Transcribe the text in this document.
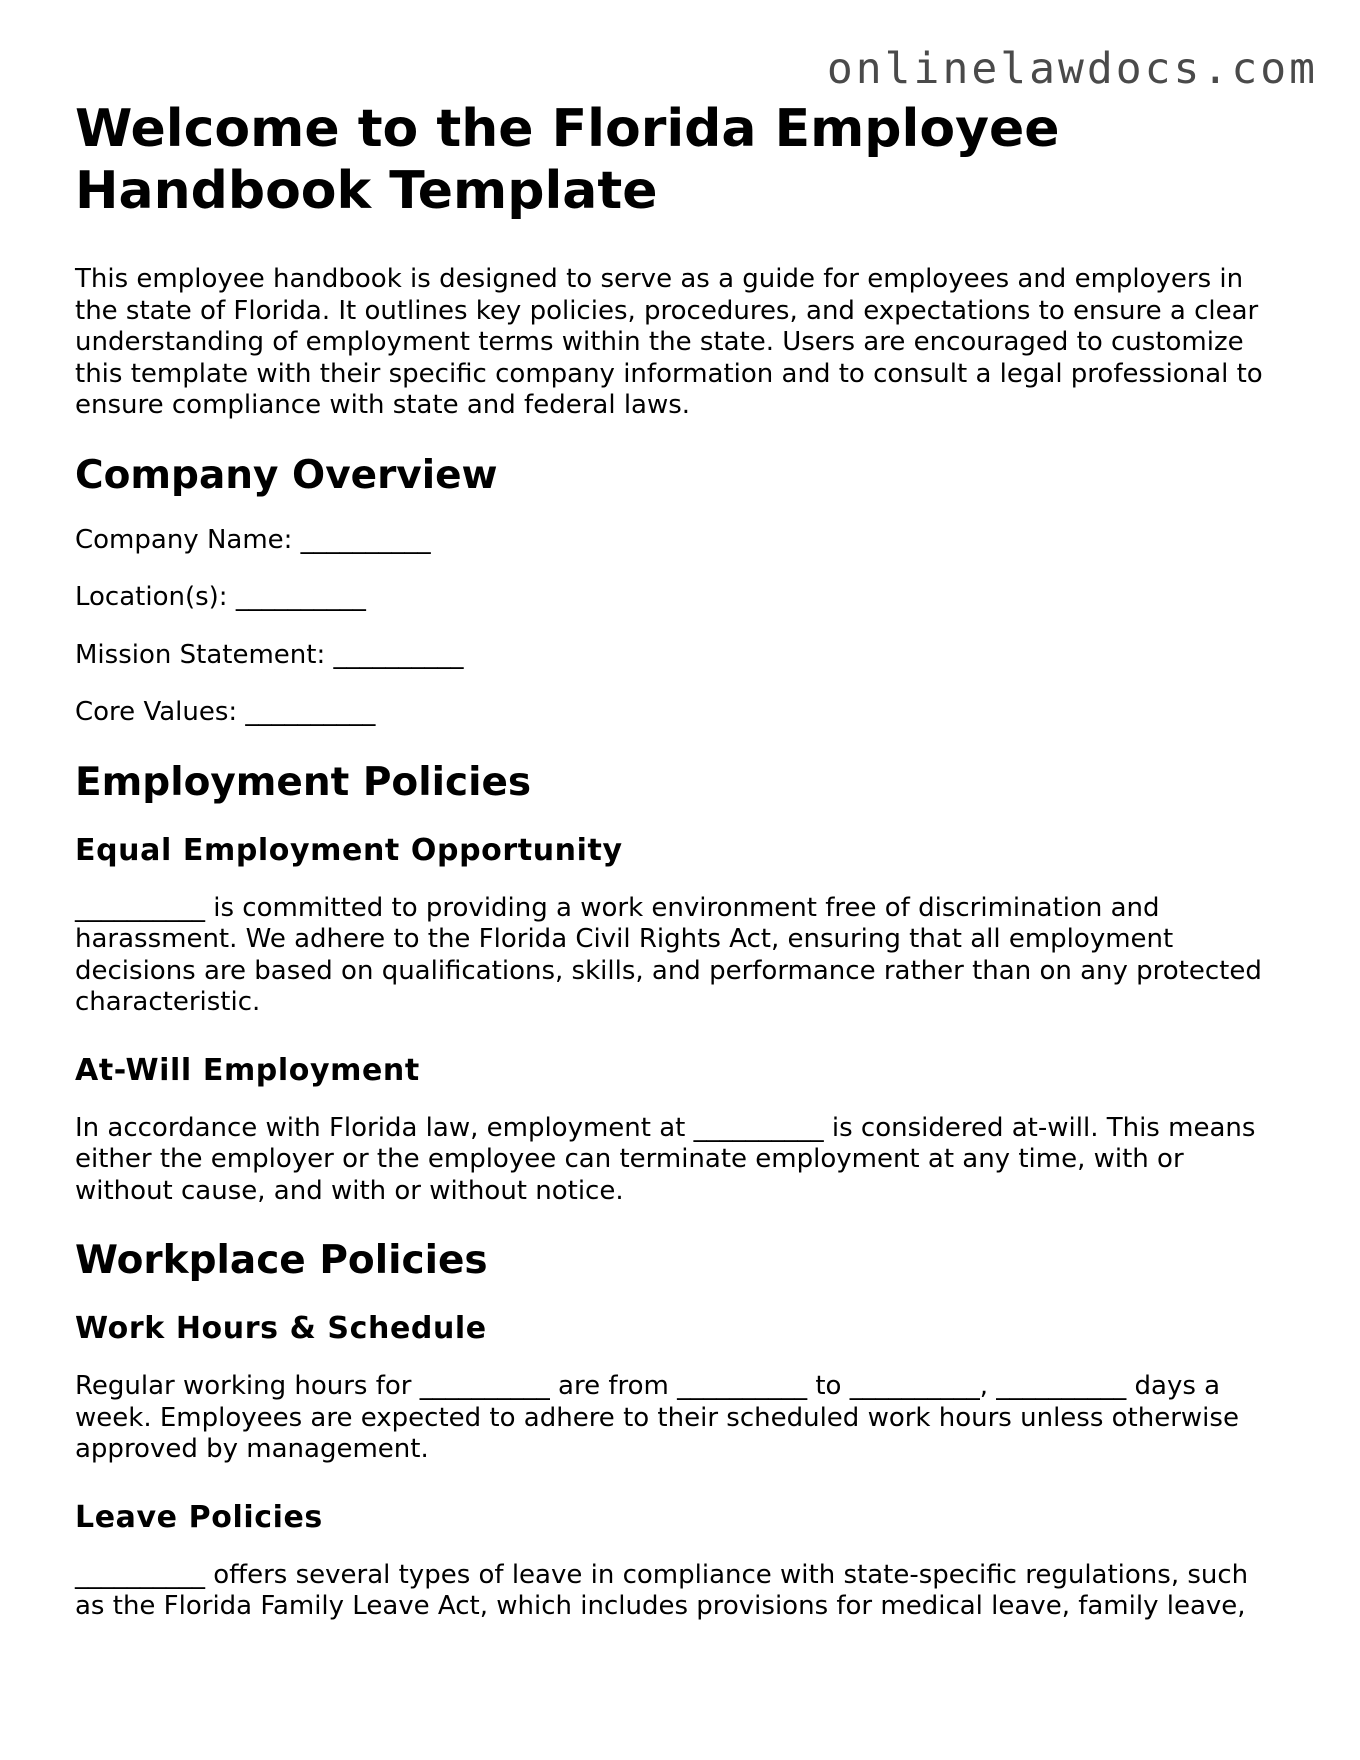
onlinelawdocs.com
Welcome to the Florida Employee Handbook Template

This employee handbook is designed to serve as a guide for employees and employers in the state of Florida. It outlines key policies, procedures, and expectations to ensure a clear understanding of employment terms within the state. Users are encouraged to customize this template with their specific company information and to consult a legal professional to ensure compliance with state and federal laws.

Company Overview

Company Name: __________

Location(s): __________

Mission Statement: __________

Core Values: __________

Employment Policies
Equal Employment Opportunity

__________ is committed to providing a work environment free of discrimination and harassment. We adhere to the Florida Civil Rights Act, ensuring that all employment decisions are based on qualifications, skills, and performance rather than on any protected characteristic.

At-Will Employment

In accordance with Florida law, employment at __________ is considered at-will. This means either the employer or the employee can terminate employment at any time, with or without cause, and with or without notice.

Workplace Policies
Work Hours & Schedule

Regular working hours for __________ are from __________ to __________, __________ days a week. Employees are expected to adhere to their scheduled work hours unless otherwise approved by management.

Leave Policies

__________ offers several types of leave in compliance with state-specific regulations, such as the Florida Family Leave Act, which includes provisions for medical leave, family leave,
